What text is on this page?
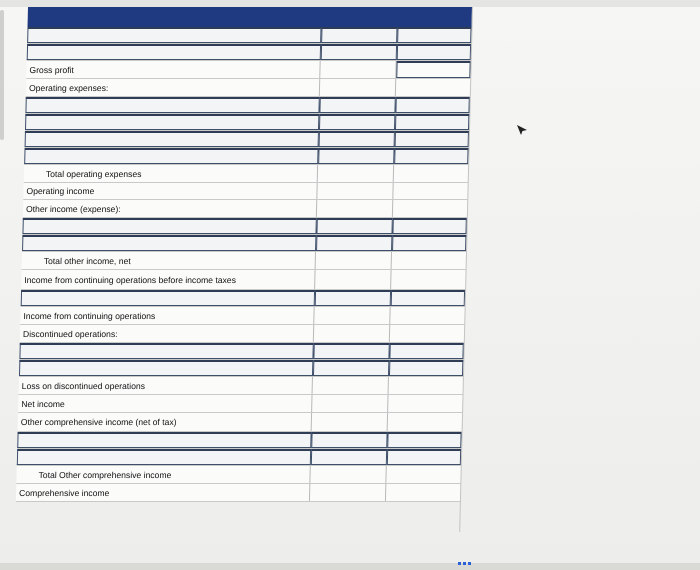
Gross profit
Operating expenses:
Total operating expenses
Operating income
Other income (expense):
Total other income, net
Income from continuing operations before income taxes
Income from continuing operations
Discontinued operations:
Loss on discontinued operations
Net income
Other comprehensive income (net of tax)
Total Other comprehensive income
Comprehensive income
